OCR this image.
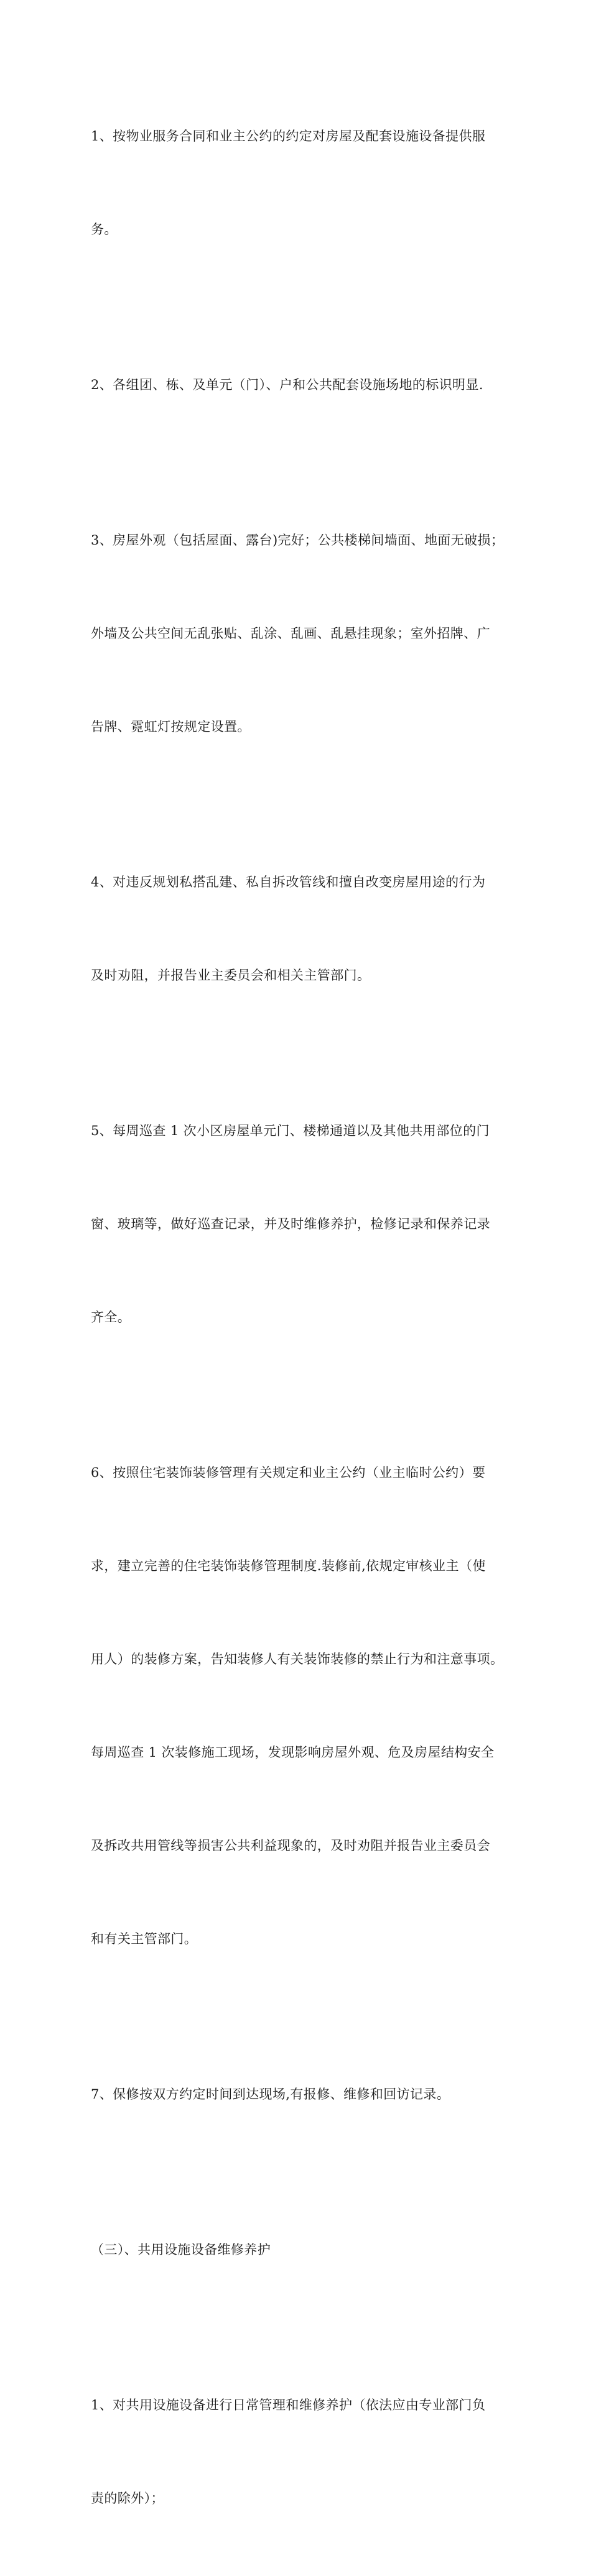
1、按物业服务合同和业主公约的约定对房屋及配套设施设备提供服

务。

2、各组团、栋、及单元（门）、户和公共配套设施场地的标识明显.

3、房屋外观（包括屋面、露台)完好；公共楼梯间墙面、地面无破损；

外墙及公共空间无乱张贴、乱涂、乱画、乱悬挂现象；室外招牌、广

告牌、霓虹灯按规定设置。

4、对违反规划私搭乱建、私自拆改管线和擅自改变房屋用途的行为

及时劝阻，并报告业主委员会和相关主管部门。

5、每周巡查 1 次小区房屋单元门、楼梯通道以及其他共用部位的门

窗、玻璃等，做好巡查记录，并及时维修养护，检修记录和保养记录

齐全。

6、按照住宅装饰装修管理有关规定和业主公约（业主临时公约）要

求，建立完善的住宅装饰装修管理制度.装修前,依规定审核业主（使

用人）的装修方案，告知装修人有关装饰装修的禁止行为和注意事项。

每周巡查 1 次装修施工现场，发现影响房屋外观、危及房屋结构安全

及拆改共用管线等损害公共利益现象的，及时劝阻并报告业主委员会

和有关主管部门。

7、保修按双方约定时间到达现场,有报修、维修和回访记录。

（三）、共用设施设备维修养护

1、对共用设施设备进行日常管理和维修养护（依法应由专业部门负

责的除外）；
